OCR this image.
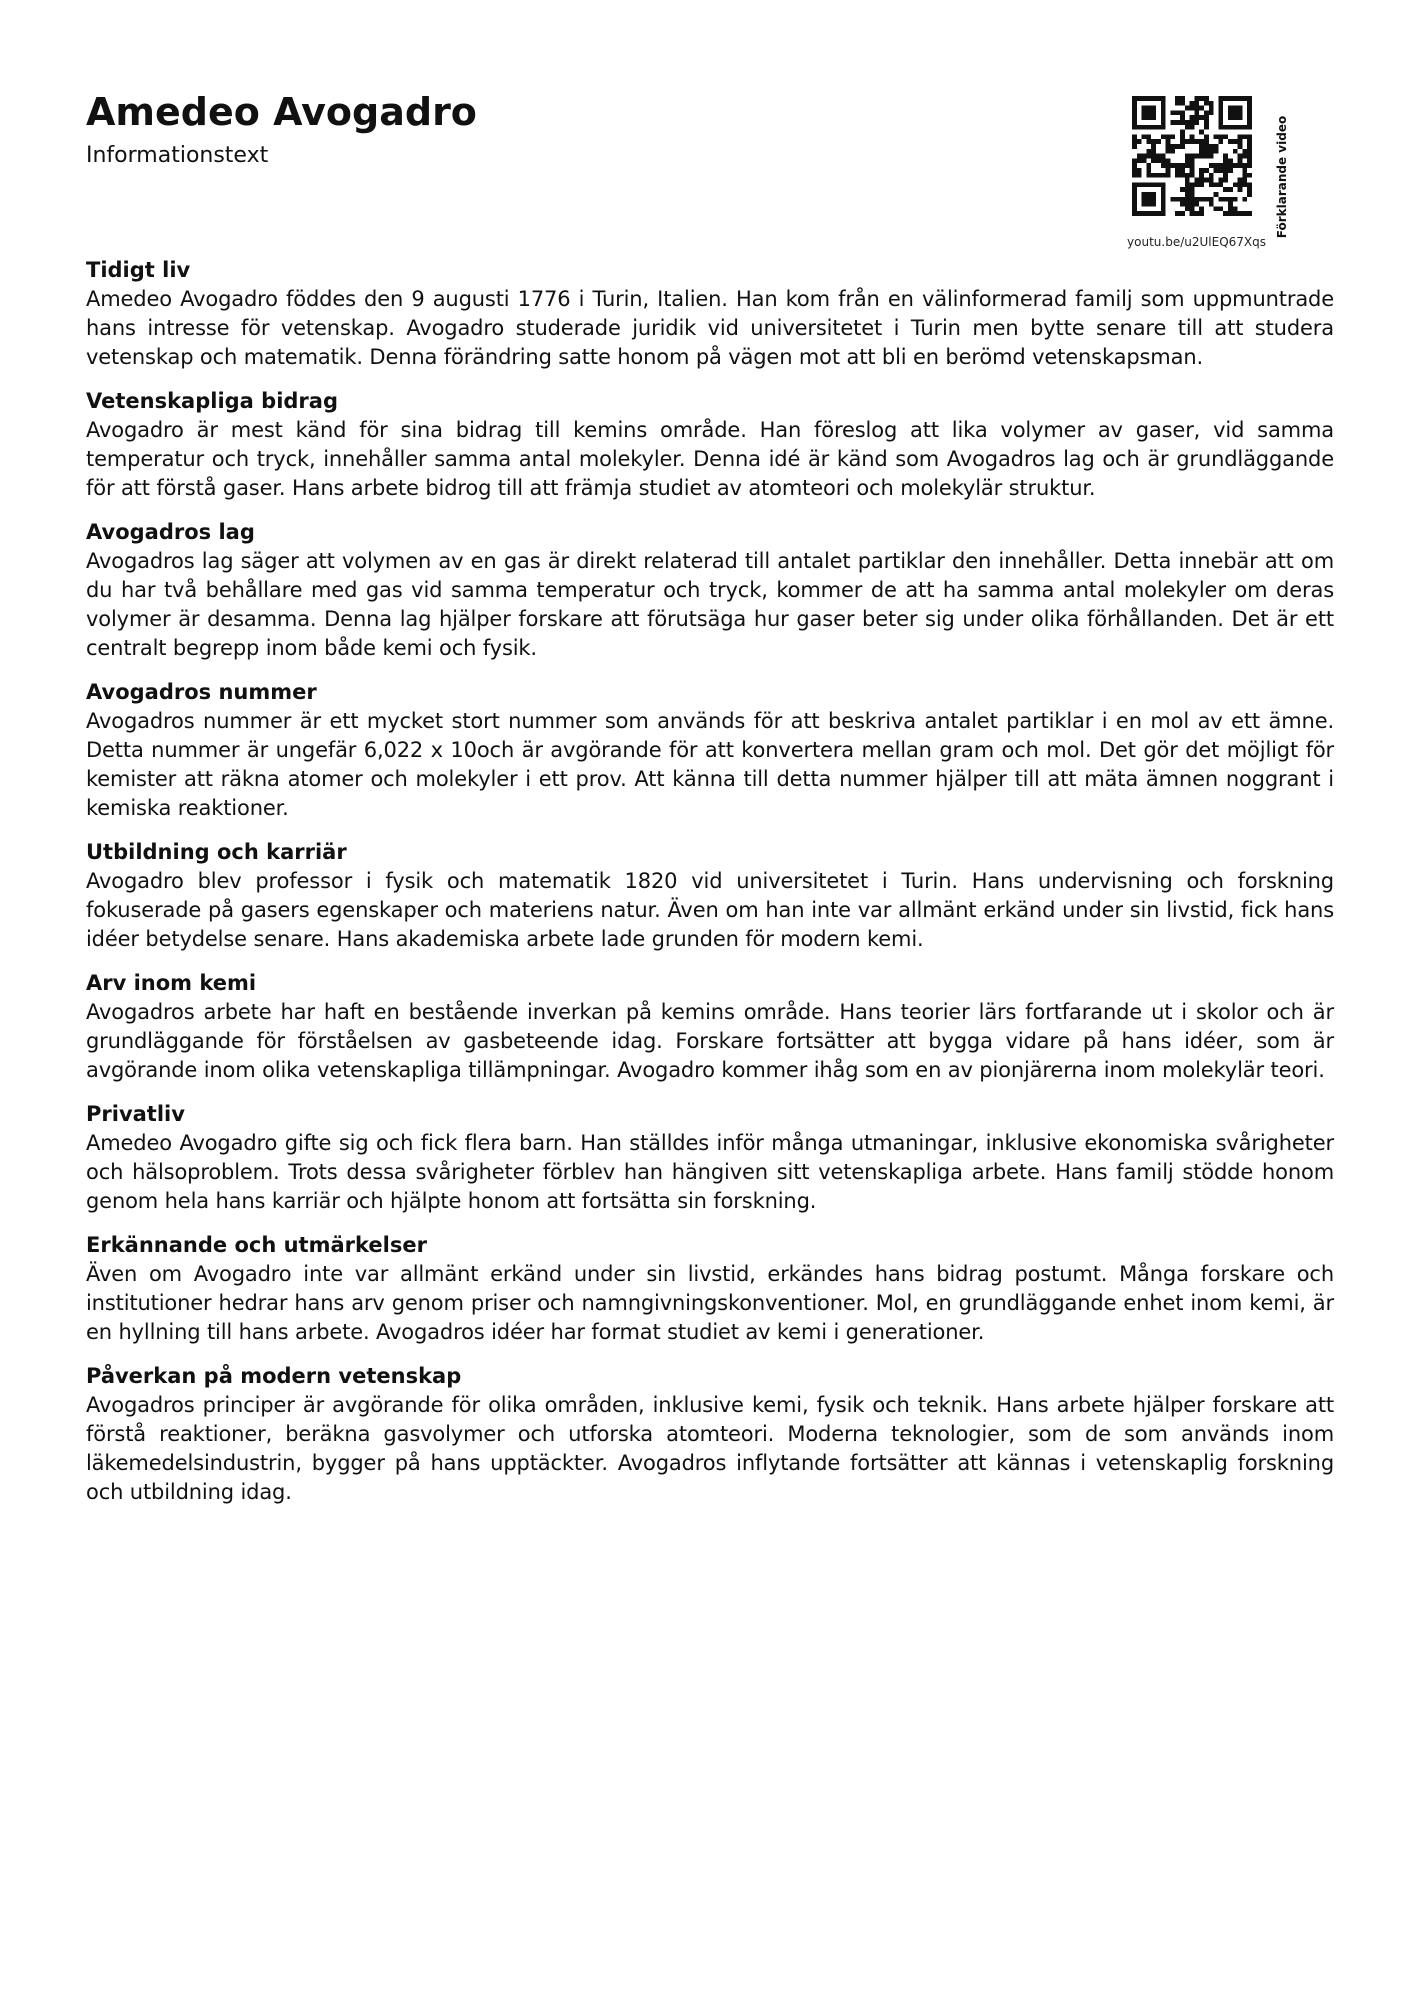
Amedeo Avogadro
Informationstext
youtu.be/u2UlEQ67Xqs
Förklarande video
Tidigt liv

Amedeo Avogadro föddes den 9 augusti 1776 i Turin, Italien. Han kom från en välinformerad familj som uppmuntrade hans intresse för vetenskap. Avogadro studerade juridik vid universitetet i Turin men bytte senare till att studera vetenskap och matematik. Denna förändring satte honom på vägen mot att bli en berömd vetenskapsman.

Vetenskapliga bidrag

Avogadro är mest känd för sina bidrag till kemins område. Han föreslog att lika volymer av gaser, vid samma temperatur och tryck, innehåller samma antal molekyler. Denna idé är känd som Avogadros lag och är grundläggande för att förstå gaser. Hans arbete bidrog till att främja studiet av atomteori och molekylär struktur.

Avogadros lag

Avogadros lag säger att volymen av en gas är direkt relaterad till antalet partiklar den innehåller. Detta innebär att om du har två behållare med gas vid samma temperatur och tryck, kommer de att ha samma antal molekyler om deras volymer är desamma. Denna lag hjälper forskare att förutsäga hur gaser beter sig under olika förhållanden. Det är ett centralt begrepp inom både kemi och fysik.

Avogadros nummer

Avogadros nummer är ett mycket stort nummer som används för att beskriva antalet partiklar i en mol av ett ämne. Detta nummer är ungefär 6,022 x 10och är avgörande för att konvertera mellan gram och mol. Det gör det möjligt för kemister att räkna atomer och molekyler i ett prov. Att känna till detta nummer hjälper till att mäta ämnen noggrant i kemiska reaktioner.

Utbildning och karriär

Avogadro blev professor i fysik och matematik 1820 vid universitetet i Turin. Hans undervisning och forskning fokuserade på gasers egenskaper och materiens natur. Även om han inte var allmänt erkänd under sin livstid, fick hans idéer betydelse senare. Hans akademiska arbete lade grunden för modern kemi.

Arv inom kemi

Avogadros arbete har haft en bestående inverkan på kemins område. Hans teorier lärs fortfarande ut i skolor och är grundläggande för förståelsen av gasbeteende idag. Forskare fortsätter att bygga vidare på hans idéer, som är avgörande inom olika vetenskapliga tillämpningar. Avogadro kommer ihåg som en av pionjärerna inom molekylär teori.

Privatliv

Amedeo Avogadro gifte sig och fick flera barn. Han ställdes inför många utmaningar, inklusive ekonomiska svårigheter och hälsoproblem. Trots dessa svårigheter förblev han hängiven sitt vetenskapliga arbete. Hans familj stödde honom genom hela hans karriär och hjälpte honom att fortsätta sin forskning.

Erkännande och utmärkelser

Även om Avogadro inte var allmänt erkänd under sin livstid, erkändes hans bidrag postumt. Många forskare och institutioner hedrar hans arv genom priser och namngivningskonventioner. Mol, en grundläggande enhet inom kemi, är en hyllning till hans arbete. Avogadros idéer har format studiet av kemi i generationer.

Påverkan på modern vetenskap

Avogadros principer är avgörande för olika områden, inklusive kemi, fysik och teknik. Hans arbete hjälper forskare att förstå reaktioner, beräkna gasvolymer och utforska atomteori. Moderna teknologier, som de som används inom läkemedelsindustrin, bygger på hans upptäckter. Avogadros inflytande fortsätter att kännas i vetenskaplig forskning och utbildning idag.
